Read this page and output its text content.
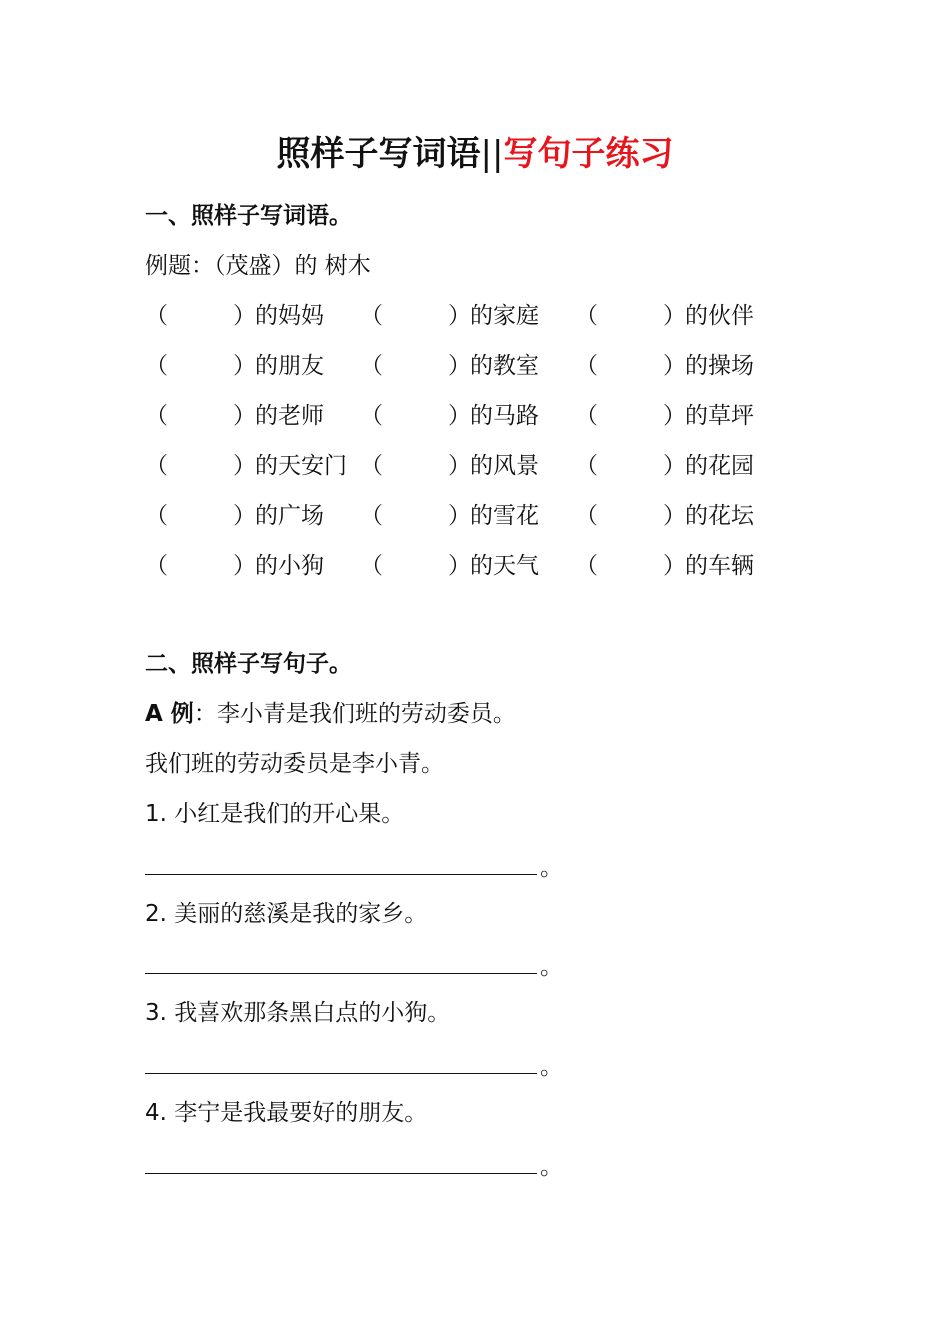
照样子写词语||写句子练习
一、照样子写词语。
例题：（茂盛）的 树木
（	） 的妈妈 （	） 的家庭 （	） 的伙伴
（	） 的朋友 （	） 的教室 （	） 的操场
（	） 的老师 （	） 的马路 （	） 的草坪
（	） 的天安门 （	） 的风景 （	） 的花园
（	） 的广场 （	） 的雪花 （	） 的花坛
（	） 的小狗 （	） 的天气 （	） 的车辆
二、照样子写句子。
A 例：李小青是我们班的劳动委员。
我们班的劳动委员是李小青。
1. 小红是我们的开心果。
。
2. 美丽的慈溪是我的家乡。
。
3. 我喜欢那条黑白点的小狗。
。
4. 李宁是我最要好的朋友。
。
